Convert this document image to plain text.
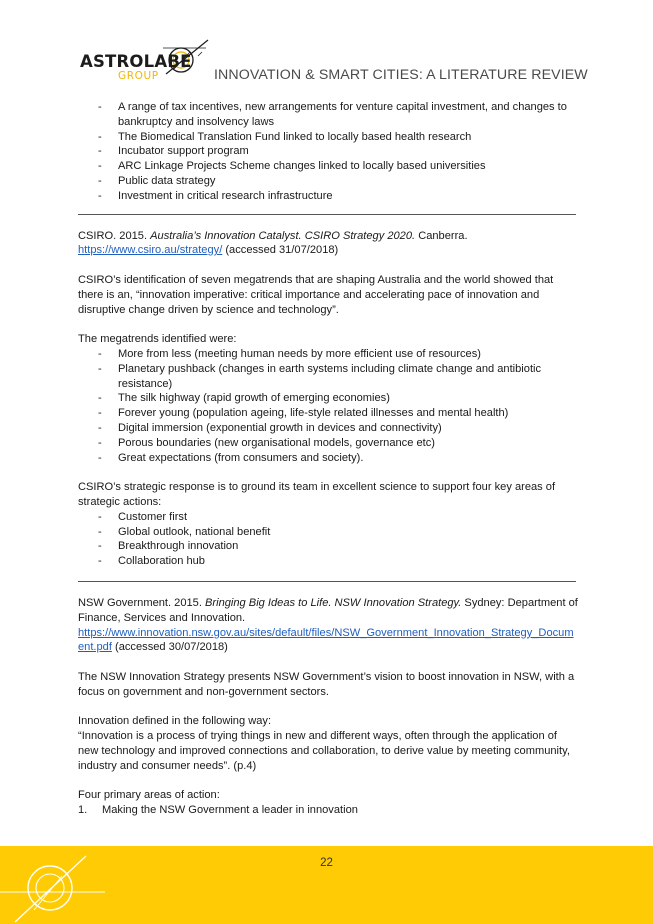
ASTROLABE
GROUP	INNOVATION & SMART CITIES: A LITERATURE REVIEW
- A range of tax incentives, new arrangements for venture capital investment, and changes to bankruptcy and insolvency laws
- The Biomedical Translation Fund linked to locally based health research
- Incubator support program
- ARC Linkage Projects Scheme changes linked to locally based universities
- Public data strategy
- Investment in critical research infrastructure

CSIRO. 2015. Australia’s Innovation Catalyst. CSIRO Strategy 2020. Canberra.
https://www.csiro.au/strategy/ (accessed 31/07/2018)

CSIRO’s identification of seven megatrends that are shaping Australia and the world showed that there is an, “innovation imperative: critical importance and accelerating pace of innovation and disruptive change driven by science and technology”.

The megatrends identified were:

- More from less (meeting human needs by more efficient use of resources)
- Planetary pushback (changes in earth systems including climate change and antibiotic resistance)
- The silk highway (rapid growth of emerging economies)
- Forever young (population ageing, life-style related illnesses and mental health)
- Digital immersion (exponential growth in devices and connectivity)
- Porous boundaries (new organisational models, governance etc)
- Great expectations (from consumers and society).

CSIRO’s strategic response is to ground its team in excellent science to support four key areas of strategic actions:

- Customer first
- Global outlook, national benefit
- Breakthrough innovation
- Collaboration hub

NSW Government. 2015. Bringing Big Ideas to Life. NSW Innovation Strategy. Sydney: Department of Finance, Services and Innovation.
https://www.innovation.nsw.gov.au/sites/default/files/NSW_Government_Innovation_Strategy_Document.pdf (accessed 30/07/2018)

The NSW Innovation Strategy presents NSW Government’s vision to boost innovation in NSW, with a focus on government and non-government sectors.

Innovation defined in the following way:

“Innovation is a process of trying things in new and different ways, often through the application of new technology and improved connections and collaboration, to derive value by meeting community, industry and consumer needs”. (p.4)

Four primary areas of action:

1. Making the NSW Government a leader in innovation
22
